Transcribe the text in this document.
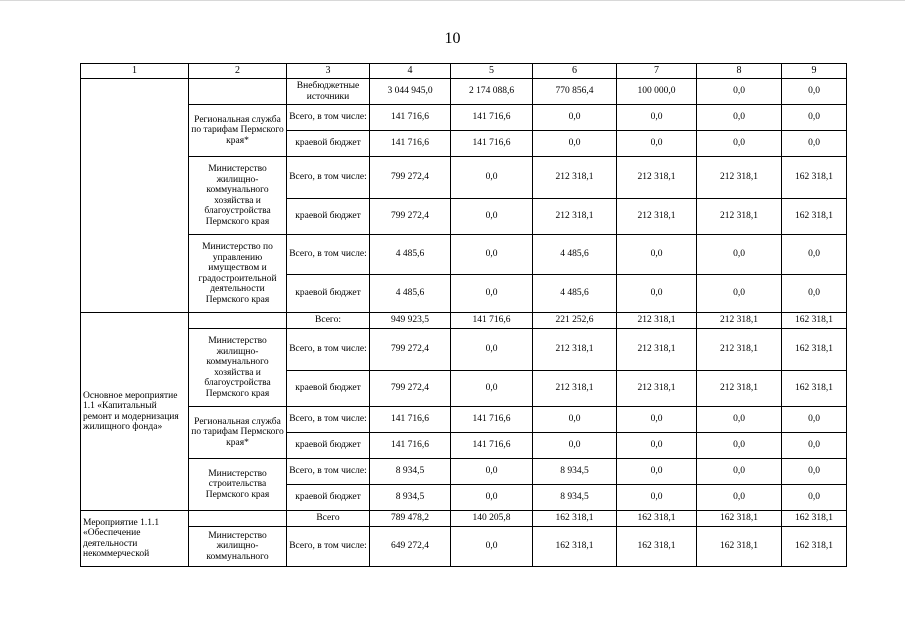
10
1	2	3	4	5	6	7	8	9
		Внебюджетные источники	3 044 945,0	2 174 088,6	770 856,4	100 000,0	0,0	0,0
	Региональная служба по тарифам Пермского края*	Всего, в том числе:	141 716,6	141 716,6	0,0	0,0	0,0	0,0
		краевой бюджет	141 716,6	141 716,6	0,0	0,0	0,0	0,0
	Министерство жилищно-коммунального хозяйства и благоустройства Пермского края	Всего, в том числе:	799 272,4	0,0	212 318,1	212 318,1	212 318,1	162 318,1
		краевой бюджет	799 272,4	0,0	212 318,1	212 318,1	212 318,1	162 318,1
	Министерство по управлению имуществом и градостроительной деятельности Пермского края	Всего, в том числе:	4 485,6	0,0	4 485,6	0,0	0,0	0,0
		краевой бюджет	4 485,6	0,0	4 485,6	0,0	0,0	0,0
Основное мероприятие 1.1 «Капитальный ремонт и модернизация жилищного фонда»		Всего:	949 923,5	141 716,6	221 252,6	212 318,1	212 318,1	162 318,1
	Министерство жилищно-коммунального хозяйства и благоустройства Пермского края	Всего, в том числе:	799 272,4	0,0	212 318,1	212 318,1	212 318,1	162 318,1
		краевой бюджет	799 272,4	0,0	212 318,1	212 318,1	212 318,1	162 318,1
	Региональная служба по тарифам Пермского края*	Всего, в том числе:	141 716,6	141 716,6	0,0	0,0	0,0	0,0
		краевой бюджет	141 716,6	141 716,6	0,0	0,0	0,0	0,0
	Министерство строительства Пермского края	Всего, в том числе:	8 934,5	0,0	8 934,5	0,0	0,0	0,0
		краевой бюджет	8 934,5	0,0	8 934,5	0,0	0,0	0,0
Мероприятие 1.1.1 «Обеспечение деятельности некоммерческой		Всего	789 478,2	140 205,8	162 318,1	162 318,1	162 318,1	162 318,1
	Министерство жилищно-коммунального	Всего, в том числе:	649 272,4	0,0	162 318,1	162 318,1	162 318,1	162 318,1
